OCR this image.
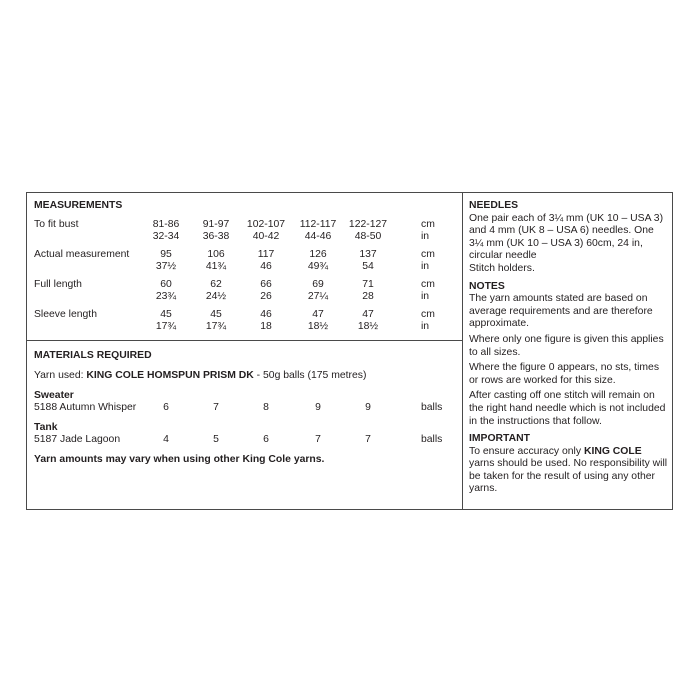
MEASUREMENTS
To fit bust	81-86	91-97	102-107	112-117	122-127	cm
32-34	36-38	40-42	44-46	48-50	in
Actual measurement	95	106	117	126	137	cm
37½	41¾	46	49¾	54	in
Full length	60	62	66	69	71	cm
23¾	24½	26	27¼	28	in
Sleeve length	45	45	46	47	47	cm
17¾	17¾	18	18½	18½	in
MATERIALS REQUIRED
Yarn used: KING COLE HOMSPUN PRISM DK - 50g balls (175 metres)
Sweater
5188 Autumn Whisper	6	7	8	9	9	balls
Tank
5187 Jade Lagoon	4	5	6	7	7	balls
Yarn amounts may vary when using other King Cole yarns.

NEEDLES

One pair each of 3¼ mm (UK 10 – USA 3) and 4 mm (UK 8 – USA 6) needles. One 3¼ mm (UK 10 – USA 3) 60cm, 24 in, circular needle

Stitch holders.

NOTES

The yarn amounts stated are based on average requirements and are therefore approximate.

Where only one figure is given this applies to all sizes.

Where the figure 0 appears, no sts, times or rows are worked for this size.

After casting off one stitch will remain on the right hand needle which is not included in the instructions that follow.

IMPORTANT

To ensure accuracy only KING COLE yarns should be used. No responsibility will be taken for the result of using any other yarns.
